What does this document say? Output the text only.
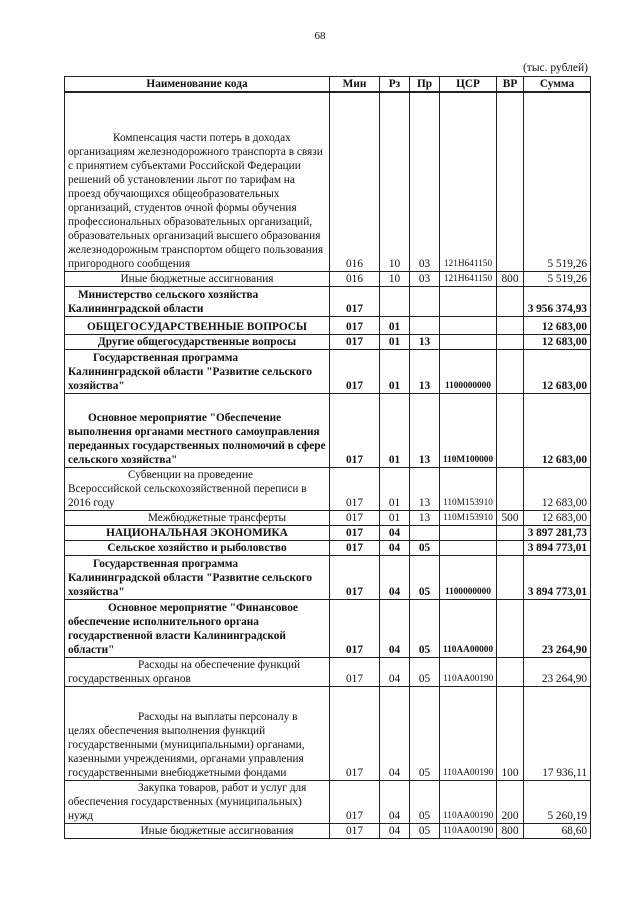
68
(тыс. рублей)
Наименование кода	Мин	Рз	Пр	ЦСР	ВР	Сумма
Компенсация части потерь в доходах организациям железнодорожного транспорта в связи с принятием субъектами Российской Федерации решений об установлении льгот по тарифам на проезд обучающихся общеобразовательных организаций, студентов очной формы обучения профессиональных образовательных организаций, образовательных организаций высшего образования железнодорожным транспортом общего пользования пригородного сообщения	016	10	03	121Н641150		5 519,26

Иные бюджетные ассигнования	016	10	03	121Н641150	800	5 519,26
Министерство сельского хозяйства Калининградской области	017					3 956 374,93

ОБЩЕГОСУДАРСТВЕННЫЕ ВОПРОСЫ	017	01				12 683,00

Другие общегосударственные вопросы	017	01	13			12 683,00
Государственная программа Калининградской области "Развитие сельского хозяйства"	017	01	13	1100000000		12 683,00
Основное мероприятие "Обеспечение выполнения органами местного самоуправления переданных государственных полномочий в сфере сельского хозяйства"	017	01	13	110М100000		12 683,00
Субвенции на проведение Всероссийской сельскохозяйственной переписи в 2016 году	017	01	13	110М153910		12 683,00

Межбюджетные трансферты	017	01	13	110М153910	500	12 683,00

НАЦИОНАЛЬНАЯ ЭКОНОМИКА	017	04				3 897 281,73

Сельское хозяйство и рыболовство	017	04	05			3 894 773,01
Государственная программа Калининградской области "Развитие сельского хозяйства"	017	04	05	1100000000		3 894 773,01
Основное мероприятие "Финансовое обеспечение исполнительного органа государственной власти Калининградской области"	017	04	05	110АА00000		23 264,90
Расходы на обеспечение функций государственных органов	017	04	05	110АА00190		23 264,90
Расходы на выплаты персоналу в целях обеспечения выполнения функций государственными (муниципальными) органами, казенными учреждениями, органами управления государственными внебюджетными фондами	017	04	05	110АА00190	100	17 936,11
Закупка товаров, работ и услуг для обеспечения государственных (муниципальных) нужд	017	04	05	110АА00190	200	5 260,19

Иные бюджетные ассигнования	017	04	05	110АА00190	800	68,60
